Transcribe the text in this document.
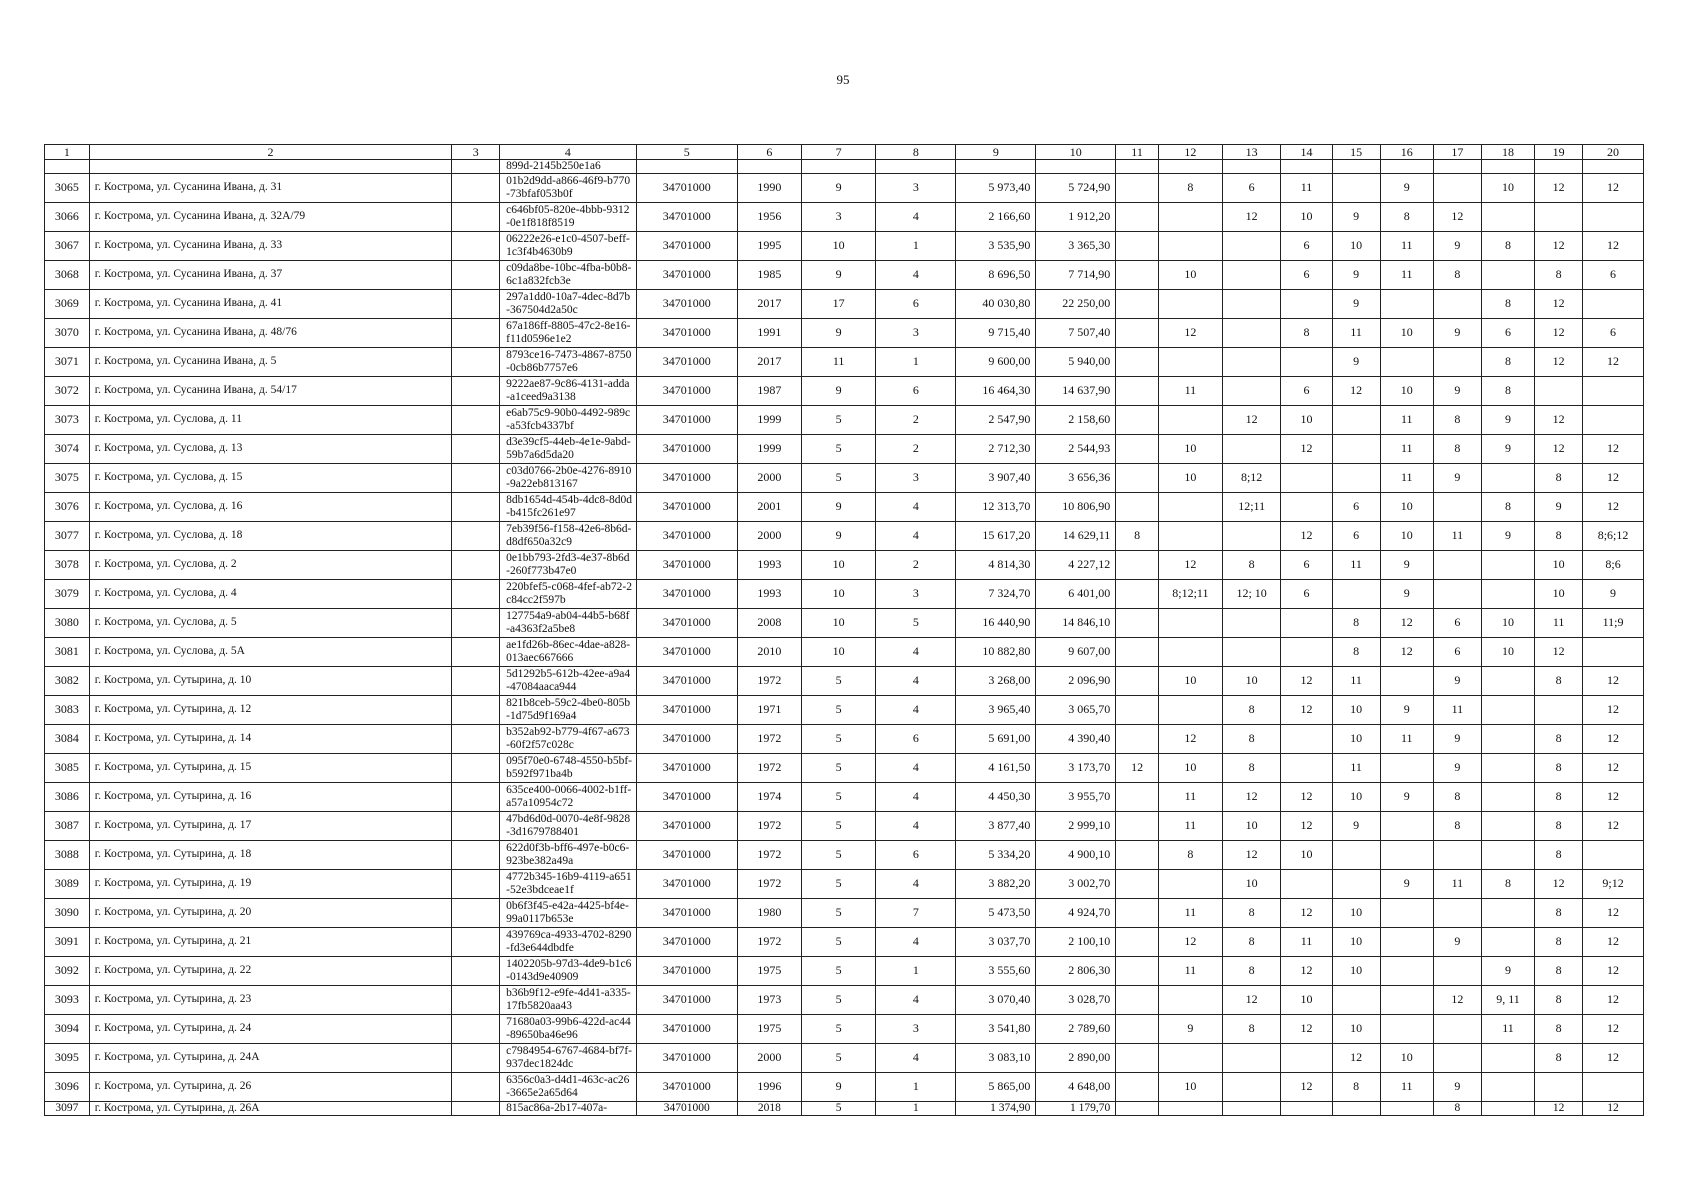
95
1	2	3	4	5	6	7	8	9	10	11	12	13	14	15	16	17	18	19	20
			899d-2145b250e1a6																
3065	г. Кострома, ул. Сусанина Ивана, д. 31		01b2d9dd-a866-46f9-b770-73bfaf053b0f	34701000	1990	9	3	5 973,40	5 724,90		8	6	11		9		10	12	12
3066	г. Кострома, ул. Сусанина Ивана, д. 32А/79		c646bf05-820e-4bbb-9312-0e1f818f8519	34701000	1956	3	4	2 166,60	1 912,20			12	10	9	8	12			
3067	г. Кострома, ул. Сусанина Ивана, д. 33		06222e26-e1c0-4507-beff-1c3f4b4630b9	34701000	1995	10	1	3 535,90	3 365,30				6	10	11	9	8	12	12
3068	г. Кострома, ул. Сусанина Ивана, д. 37		c09da8be-10bc-4fba-b0b8-6c1a832fcb3e	34701000	1985	9	4	8 696,50	7 714,90		10		6	9	11	8		8	6
3069	г. Кострома, ул. Сусанина Ивана, д. 41		297a1dd0-10a7-4dec-8d7b-367504d2a50c	34701000	2017	17	6	40 030,80	22 250,00					9			8	12	
3070	г. Кострома, ул. Сусанина Ивана, д. 48/76		67a186ff-8805-47c2-8e16-f11d0596e1e2	34701000	1991	9	3	9 715,40	7 507,40		12		8	11	10	9	6	12	6
3071	г. Кострома, ул. Сусанина Ивана, д. 5		8793ce16-7473-4867-8750-0cb86b7757e6	34701000	2017	11	1	9 600,00	5 940,00					9			8	12	12
3072	г. Кострома, ул. Сусанина Ивана, д. 54/17		9222ae87-9c86-4131-adda-a1ceed9a3138	34701000	1987	9	6	16 464,30	14 637,90		11		6	12	10	9	8		
3073	г. Кострома, ул. Суслова, д. 11		e6ab75c9-90b0-4492-989c-a53fcb4337bf	34701000	1999	5	2	2 547,90	2 158,60			12	10		11	8	9	12	
3074	г. Кострома, ул. Суслова, д. 13		d3e39cf5-44eb-4e1e-9abd-59b7a6d5da20	34701000	1999	5	2	2 712,30	2 544,93		10		12		11	8	9	12	12
3075	г. Кострома, ул. Суслова, д. 15		c03d0766-2b0e-4276-8910-9a22eb813167	34701000	2000	5	3	3 907,40	3 656,36		10	8;12			11	9		8	12
3076	г. Кострома, ул. Суслова, д. 16		8db1654d-454b-4dc8-8d0d-b415fc261e97	34701000	2001	9	4	12 313,70	10 806,90			12;11		6	10		8	9	12
3077	г. Кострома, ул. Суслова, д. 18		7eb39f56-f158-42e6-8b6d-d8df650a32c9	34701000	2000	9	4	15 617,20	14 629,11	8			12	6	10	11	9	8	8;6;12
3078	г. Кострома, ул. Суслова, д. 2		0e1bb793-2fd3-4e37-8b6d-260f773b47e0	34701000	1993	10	2	4 814,30	4 227,12		12	8	6	11	9			10	8;6
3079	г. Кострома, ул. Суслова, д. 4		220bfef5-c068-4fef-ab72-2c84cc2f597b	34701000	1993	10	3	7 324,70	6 401,00		8;12;11	12; 10	6		9			10	9
3080	г. Кострома, ул. Суслова, д. 5		127754a9-ab04-44b5-b68f-a4363f2a5be8	34701000	2008	10	5	16 440,90	14 846,10					8	12	6	10	11	11;9
3081	г. Кострома, ул. Суслова, д. 5А		ae1fd26b-86ec-4dae-a828-013aec667666	34701000	2010	10	4	10 882,80	9 607,00					8	12	6	10	12	
3082	г. Кострома, ул. Сутырина, д. 10		5d1292b5-612b-42ee-a9a4-47084aaca944	34701000	1972	5	4	3 268,00	2 096,90		10	10	12	11		9		8	12
3083	г. Кострома, ул. Сутырина, д. 12		821b8ceb-59c2-4be0-805b-1d75d9f169a4	34701000	1971	5	4	3 965,40	3 065,70			8	12	10	9	11			12
3084	г. Кострома, ул. Сутырина, д. 14		b352ab92-b779-4f67-a673-60f2f57c028c	34701000	1972	5	6	5 691,00	4 390,40		12	8		10	11	9		8	12
3085	г. Кострома, ул. Сутырина, д. 15		095f70e0-6748-4550-b5bf-b592f971ba4b	34701000	1972	5	4	4 161,50	3 173,70	12	10	8		11		9		8	12
3086	г. Кострома, ул. Сутырина, д. 16		635ce400-0066-4002-b1ff-a57a10954c72	34701000	1974	5	4	4 450,30	3 955,70		11	12	12	10	9	8		8	12
3087	г. Кострома, ул. Сутырина, д. 17		47bd6d0d-0070-4e8f-9828-3d1679788401	34701000	1972	5	4	3 877,40	2 999,10		11	10	12	9		8		8	12
3088	г. Кострома, ул. Сутырина, д. 18		622d0f3b-bff6-497e-b0c6-923be382a49a	34701000	1972	5	6	5 334,20	4 900,10		8	12	10					8	
3089	г. Кострома, ул. Сутырина, д. 19		4772b345-16b9-4119-a651-52e3bdceae1f	34701000	1972	5	4	3 882,20	3 002,70			10			9	11	8	12	9;12
3090	г. Кострома, ул. Сутырина, д. 20		0b6f3f45-e42a-4425-bf4e-99a0117b653e	34701000	1980	5	7	5 473,50	4 924,70		11	8	12	10				8	12
3091	г. Кострома, ул. Сутырина, д. 21		439769ca-4933-4702-8290-fd3e644dbdfe	34701000	1972	5	4	3 037,70	2 100,10		12	8	11	10		9		8	12
3092	г. Кострома, ул. Сутырина, д. 22		1402205b-97d3-4de9-b1c6-0143d9e40909	34701000	1975	5	1	3 555,60	2 806,30		11	8	12	10			9	8	12
3093	г. Кострома, ул. Сутырина, д. 23		b36b9f12-e9fe-4d41-a335-17fb5820aa43	34701000	1973	5	4	3 070,40	3 028,70			12	10			12	9, 11	8	12
3094	г. Кострома, ул. Сутырина, д. 24		71680a03-99b6-422d-ac44-89650ba46e96	34701000	1975	5	3	3 541,80	2 789,60		9	8	12	10			11	8	12
3095	г. Кострома, ул. Сутырина, д. 24А		c7984954-6767-4684-bf7f-937dec1824dc	34701000	2000	5	4	3 083,10	2 890,00					12	10			8	12
3096	г. Кострома, ул. Сутырина, д. 26		6356c0a3-d4d1-463c-ac26-3665e2a65d64	34701000	1996	9	1	5 865,00	4 648,00		10		12	8	11	9			
3097	г. Кострома, ул. Сутырина, д. 26А		815ac86a-2b17-407a-	34701000	2018	5	1	1 374,90	1 179,70							8		12	12
